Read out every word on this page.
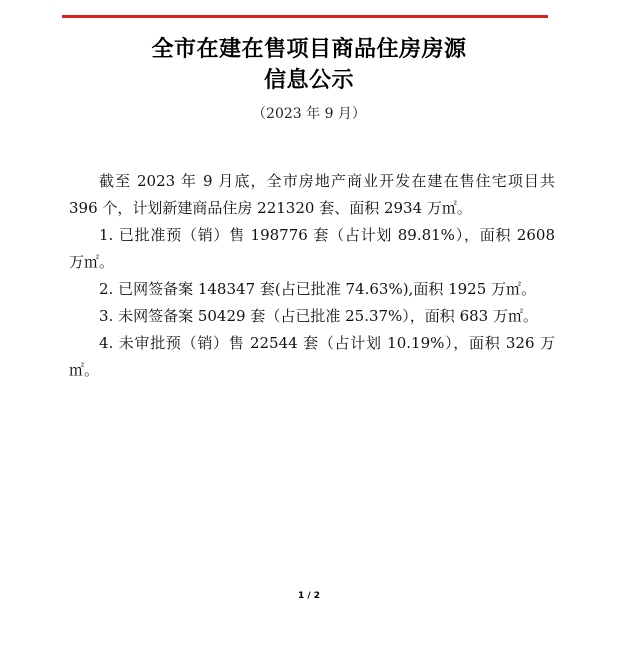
全市在建在售项目商品住房房源
信息公示
（2023 年 9 月）

截至 2023 年 9 月底，全市房地产商业开发在建在售住宅项目共 396 个，计划新建商品住房 221320 套、面积 2934 万㎡。

1. 已批准预（销）售 198776 套（占计划 89.81%），面积 2608 万㎡。

2. 已网签备案 148347 套(占已批准 74.63%),面积 1925 万㎡。

3. 未网签备案 50429 套（占已批准 25.37%），面积 683 万㎡。

4. 未审批预（销）售 22544 套（占计划 10.19%），面积 326 万㎡。

1 / 2
